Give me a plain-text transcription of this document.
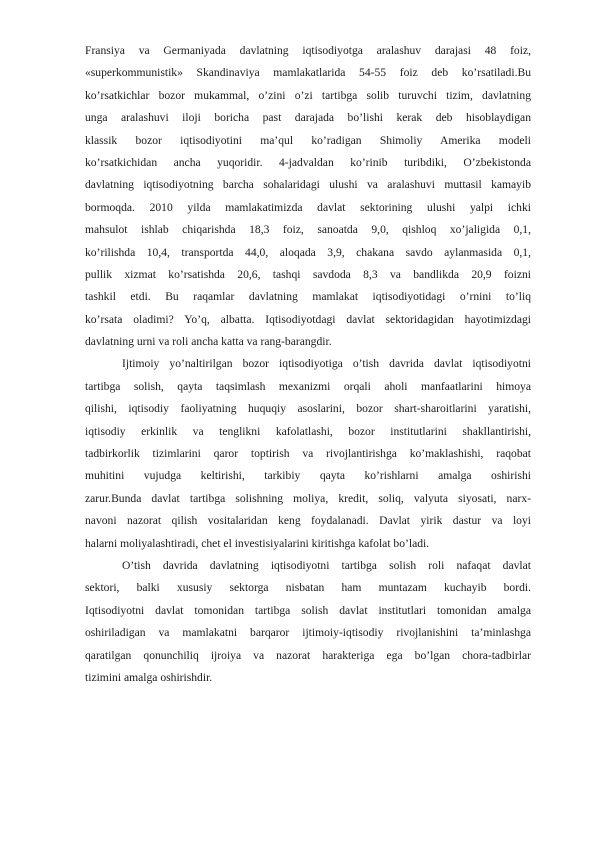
Fransiya va Germaniyada davlatning iqtisodiyotga aralashuv darajasi 48 foiz,
«superkommunistik» Skandinaviya mamlakatlarida 54-55 foiz deb ko’rsatiladi.Bu
ko’rsatkichlar bozor mukammal, o’zini o’zi tartibga solib turuvchi tizim, davlatning
unga aralashuvi iloji boricha past darajada bo’lishi kerak deb hisoblaydigan
klassik bozor iqtisodiyotini ma’qul ko’radigan Shimoliy Amerika modeli
ko’rsatkichidan ancha yuqoridir. 4-jadvaldan ko’rinib turibdiki, O’zbekistonda
davlatning iqtisodiyotning barcha sohalaridagi ulushi va aralashuvi muttasil kamayib
bormoqda. 2010 yilda mamlakatimizda davlat sektorining ulushi yalpi ichki
mahsulot ishlab chiqarishda 18,3 foiz, sanoatda 9,0, qishloq xo’jaligida 0,1,
ko’rilishda 10,4, transportda 44,0, aloqada 3,9, chakana savdo aylanmasida 0,1,
pullik xizmat ko’rsatishda 20,6, tashqi savdoda 8,3 va bandlikda 20,9 foizni
tashkil etdi. Bu raqamlar davlatning mamlakat iqtisodiyotidagi o’rnini to’liq
ko’rsata oladimi? Yo’q, albatta. Iqtisodiyotdagi davlat sektoridagidan hayotimizdagi
davlatning urni va roli ancha katta va rang-barangdir.
Ijtimoiy yo’naltirilgan bozor iqtisodiyotiga o’tish davrida davlat iqtisodiyotni
tartibga solish, qayta taqsimlash mexanizmi orqali aholi manfaatlarini himoya
qilishi, iqtisodiy faoliyatning huquqiy asoslarini, bozor shart-sharoitlarini yaratishi,
iqtisodiy erkinlik va tenglikni kafolatlashi, bozor institutlarini shakllantirishi,
tadbirkorlik tizimlarini qaror toptirish va rivojlantirishga ko’maklashishi, raqobat
muhitini vujudga keltirishi, tarkibiy qayta ko’rishlarni amalga oshirishi
zarur.Bunda davlat tartibga solishning moliya, kredit, soliq, valyuta siyosati, narx-
navoni nazorat qilish vositalaridan keng foydalanadi. Davlat yirik dastur va loyi
halarni moliyalashtiradi, chet el investisiyalarini kiritishga kafolat bo’ladi.
O’tish davrida davlatning iqtisodiyotni tartibga solish roli nafaqat davlat
sektori, balki xususiy sektorga nisbatan ham muntazam kuchayib bordi.
Iqtisodiyotni davlat tomonidan tartibga solish davlat institutlari tomonidan amalga
oshiriladigan va mamlakatni barqaror ijtimoiy-iqtisodiy rivojlanishini ta’minlashga
qaratilgan qonunchiliq ijroiya va nazorat harakteriga ega bo’lgan chora-tadbirlar
tizimini amalga oshirishdir.
